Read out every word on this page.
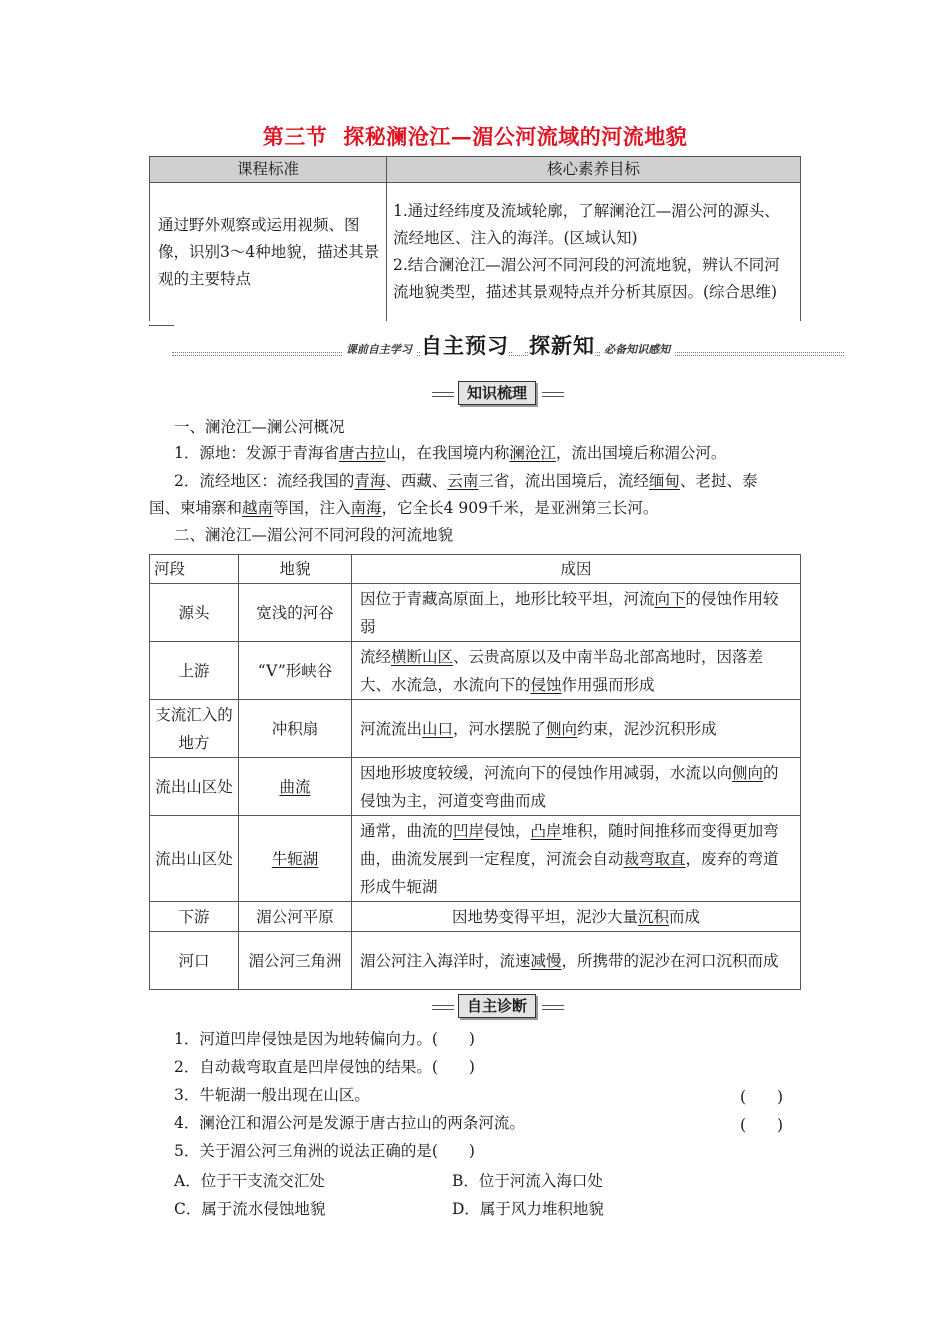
第三节 探秘澜沧江—湄公河流域的河流地貌
课程标准	核心素养目标
通过野外观察或运用视频、图像，识别3～4种地貌，描述其景观的主要特点	1.通过经纬度及流域轮廓，了解澜沧江—湄公河的源头、流经地区、注入的海洋。(区域认知)
2.结合澜沧江—湄公河不同河段的河流地貌，辨认不同河流地貌类型，描述其景观特点并分析其原因。(综合思维)
课前自主学习 自主预习 » 探新知 必备知识感知
知识梳理
一、澜沧江—澜公河概况
1．源地：发源于青海省唐古拉山，在我国境内称澜沧江，流出国境后称湄公河。
2．流经地区：流经我国的青海、西藏、云南三省，流出国境后，流经缅甸、老挝、泰
国、柬埔寨和越南等国，注入南海，它全长4 909千米，是亚洲第三长河。
二、澜沧江—湄公河不同河段的河流地貌
河段	地貌	成因
源头	宽浅的河谷	因位于青藏高原面上，地形比较平坦，河流向下的侵蚀作用较弱
上游	“V”形峡谷	流经横断山区、云贵高原以及中南半岛北部高地时，因落差大、水流急，水流向下的侵蚀作用强而形成
支流汇入的地方	冲积扇	河流流出山口，河水摆脱了侧向约束，泥沙沉积形成
流出山区处	曲流	因地形坡度较缓，河流向下的侵蚀作用减弱，水流以向侧向的侵蚀为主，河道变弯曲而成
流出山区处	牛轭湖	通常，曲流的凹岸侵蚀，凸岸堆积，随时间推移而变得更加弯曲，曲流发展到一定程度，河流会自动裁弯取直，废弃的弯道形成牛轭湖
下游	湄公河平原	因地势变得平坦，泥沙大量沉积而成
河口	湄公河三角洲	湄公河注入海洋时，流速减慢，所携带的泥沙在河口沉积而成
自主诊断
1．河道凹岸侵蚀是因为地转偏向力。(　　)
2．自动裁弯取直是凹岸侵蚀的结果。(　　)
3．牛轭湖一般出现在山区。	(　　)
4．澜沧江和湄公河是发源于唐古拉山的两条河流。	(　　)
5．关于湄公河三角洲的说法正确的是(　　)
A．位于干支流交汇处	B．位于河流入海口处
C．属于流水侵蚀地貌	D．属于风力堆积地貌
